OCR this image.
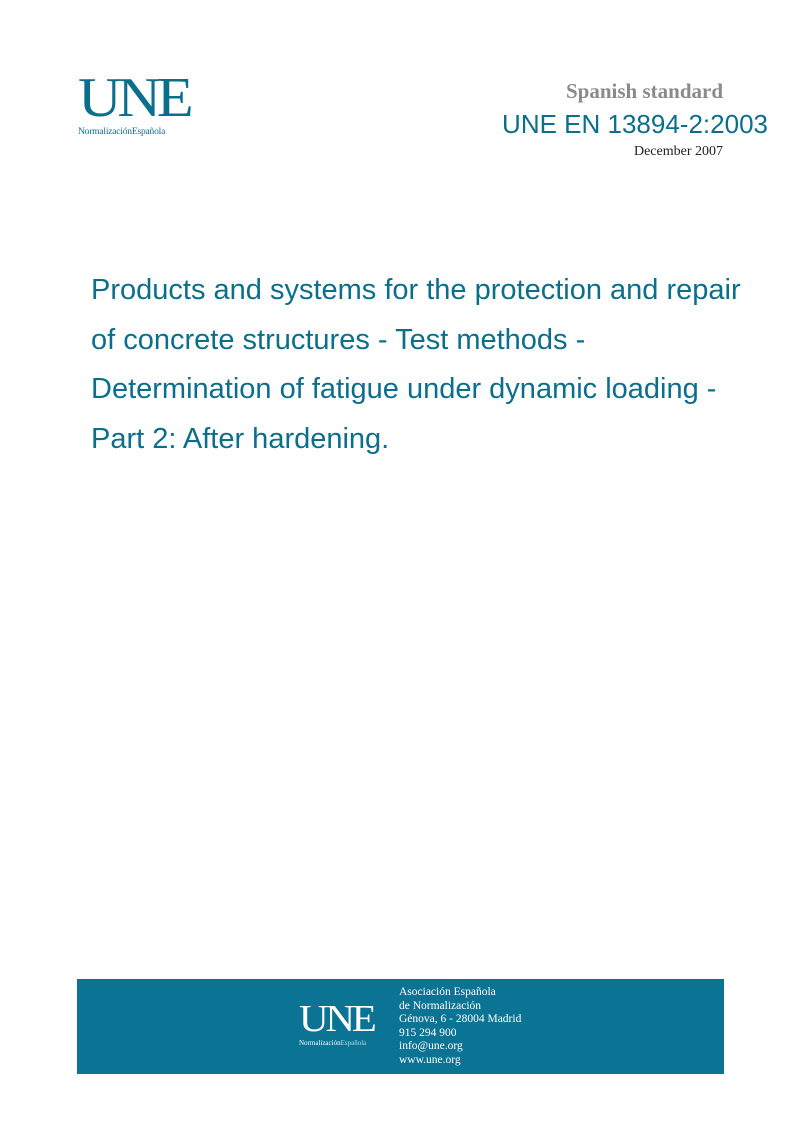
UNE
NormalizaciónEspañola
Spanish standard
UNE EN 13894-2:2003
December 2007
Products and systems for the protection and repair of concrete structures - Test methods - Determination of fatigue under dynamic loading - Part 2: After hardening.
UNE
NormalizaciónEspañola
Asociación Española
de Normalización
Génova, 6 - 28004 Madrid
915 294 900
info@une.org
www.une.org
